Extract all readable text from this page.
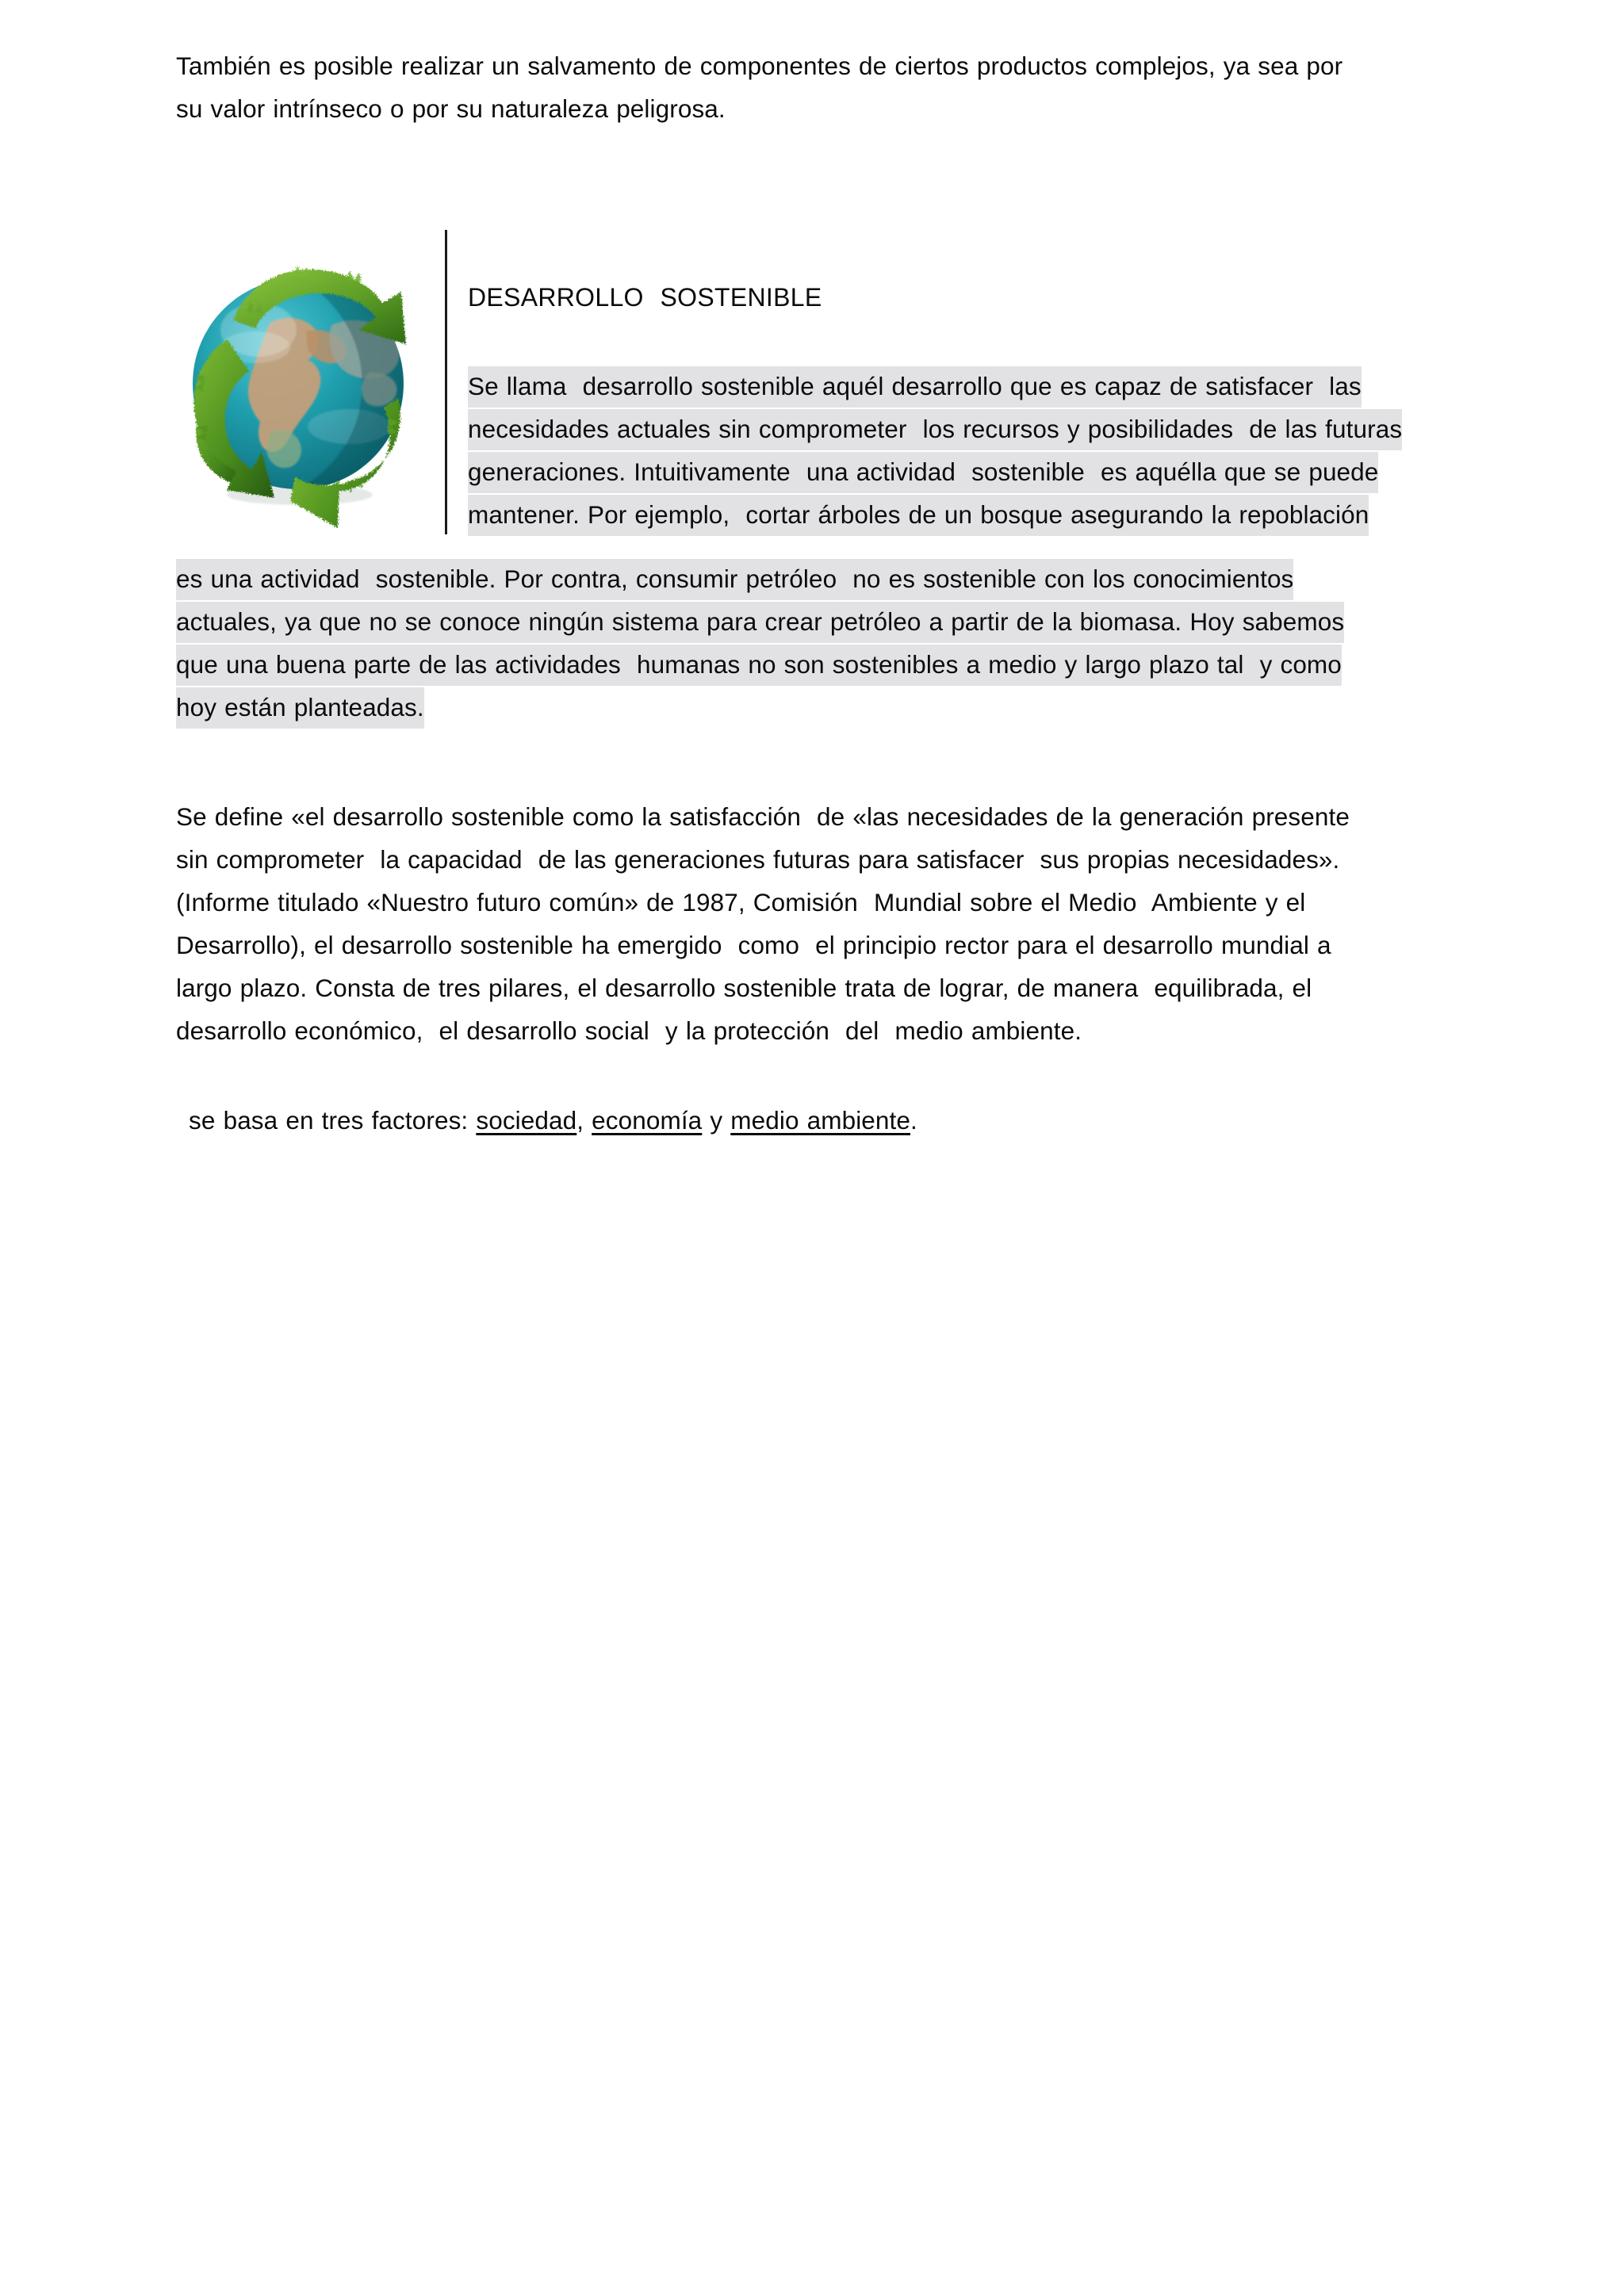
También es posible realizar un salvamento de componentes de ciertos productos complejos, ya sea por
su valor intrínseco o por su naturaleza peligrosa.
DESARROLLO  SOSTENIBLE
Se llama  desarrollo sostenible aquél desarrollo que es capaz de satisfacer  las
necesidades actuales sin comprometer  los recursos y posibilidades  de las futuras
generaciones. Intuitivamente  una actividad  sostenible  es aquélla que se puede
mantener. Por ejemplo,  cortar árboles de un bosque asegurando la repoblación
es una actividad  sostenible. Por contra, consumir petróleo  no es sostenible con los conocimientos
actuales, ya que no se conoce ningún sistema para crear petróleo a partir de la biomasa. Hoy sabemos
que una buena parte de las actividades  humanas no son sostenibles a medio y largo plazo tal  y como
hoy están planteadas.
Se define «el desarrollo sostenible como la satisfacción  de «las necesidades de la generación presente
sin comprometer  la capacidad  de las generaciones futuras para satisfacer  sus propias necesidades».
(Informe titulado «Nuestro futuro común» de 1987, Comisión  Mundial sobre el Medio  Ambiente y el
Desarrollo), el desarrollo sostenible ha emergido  como  el principio rector para el desarrollo mundial a
largo plazo. Consta de tres pilares, el desarrollo sostenible trata de lograr, de manera  equilibrada, el
desarrollo económico,  el desarrollo social  y la protección  del  medio ambiente.
se basa en tres factores: sociedad, economía y medio ambiente.
